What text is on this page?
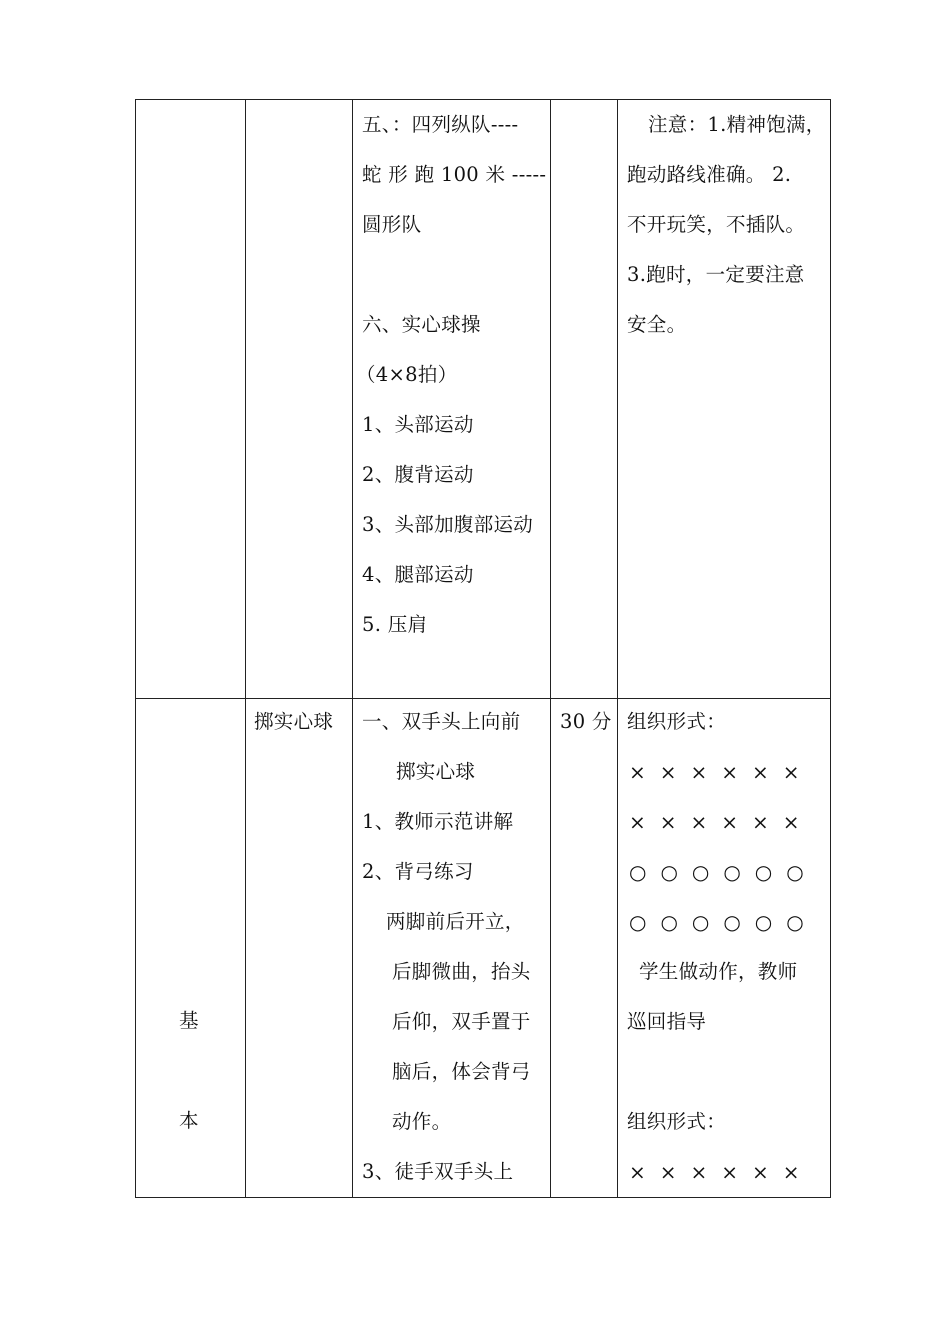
五、：四列纵队----
蛇 形 跑 100 米 -----
圆形队
六、实心球操
（4×8拍）
1、头部运动
2、腹背运动
3、头部加腹部运动
4、腿部运动
5. 压肩
注意：1.精神饱满，
跑动路线准确。 2.
不开玩笑，不插队。
3.跑时，一定要注意
安全。
基
本
掷实心球	30 分
一、双手头上向前
掷实心球
1、教师示范讲解
2、背弓练习
两脚前后开立，
后脚微曲，抬头
后仰，双手置于
脑后，体会背弓
动作。
3、徒手双手头上
组织形式：
××××××
××××××
○○○○○○
○○○○○○
学生做动作，教师
巡回指导
组织形式：
××××××
